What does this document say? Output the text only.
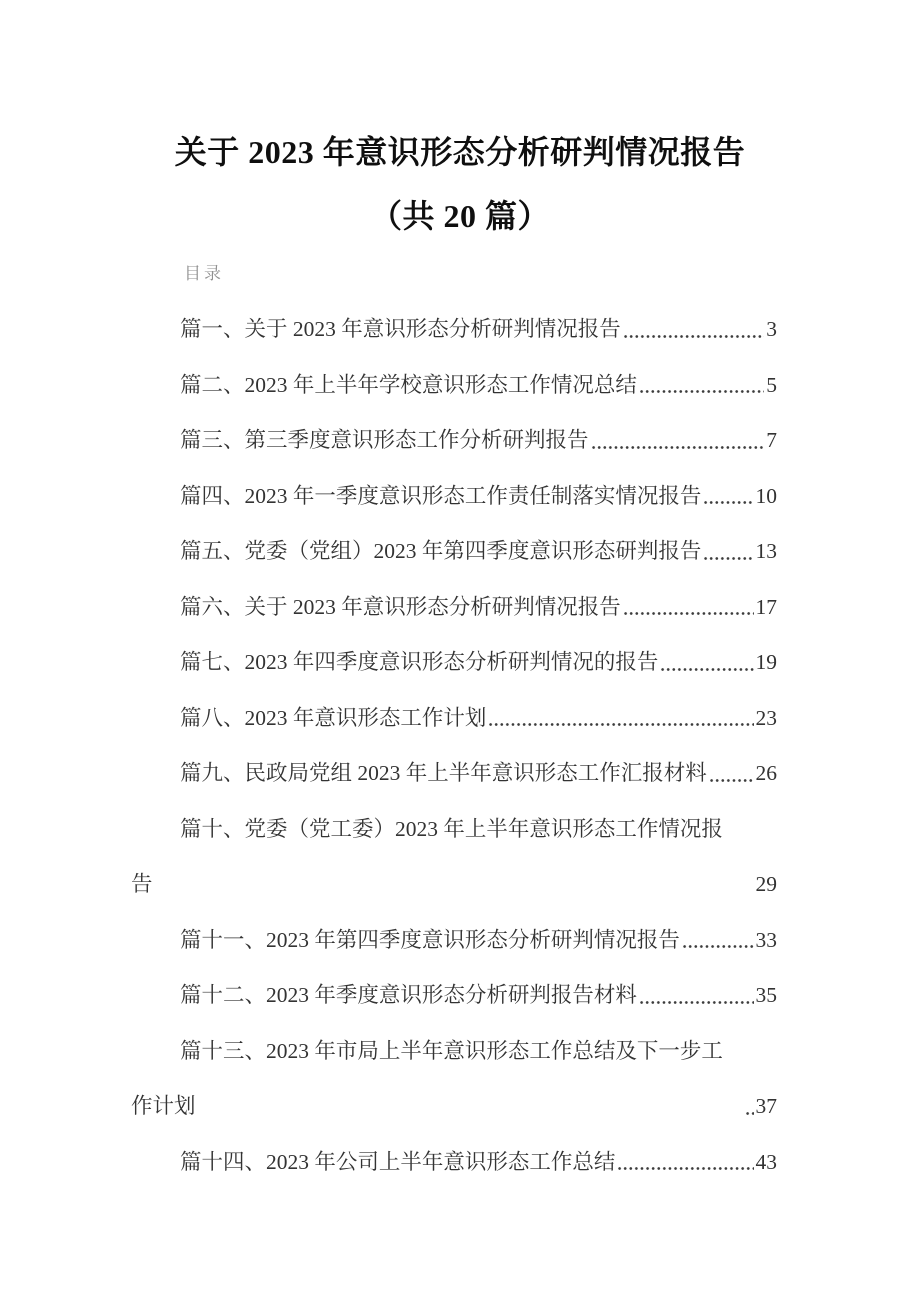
关于 2023 年意识形态分析研判情况报告（共 20 篇）
目录
篇一、关于 2023 年意识形态分析研判情况报告	3
篇二、2023 年上半年学校意识形态工作情况总结	5
篇三、第三季度意识形态工作分析研判报告	7
篇四、2023 年一季度意识形态工作责任制落实情况报告	10
篇五、党委（党组）2023 年第四季度意识形态研判报告	13
篇六、关于 2023 年意识形态分析研判情况报告	17
篇七、2023 年四季度意识形态分析研判情况的报告	19
篇八、2023 年意识形态工作计划	23
篇九、民政局党组 2023 年上半年意识形态工作汇报材料 26
篇十、党委（党工委）2023 年上半年意识形态工作情况报告	29
篇十一、2023 年第四季度意识形态分析研判情况报告	33
篇十二、2023 年季度意识形态分析研判报告材料	35
篇十三、2023 年市局上半年意识形态工作总结及下一步工作计划	37
篇十四、2023 年公司上半年意识形态工作总结	43
